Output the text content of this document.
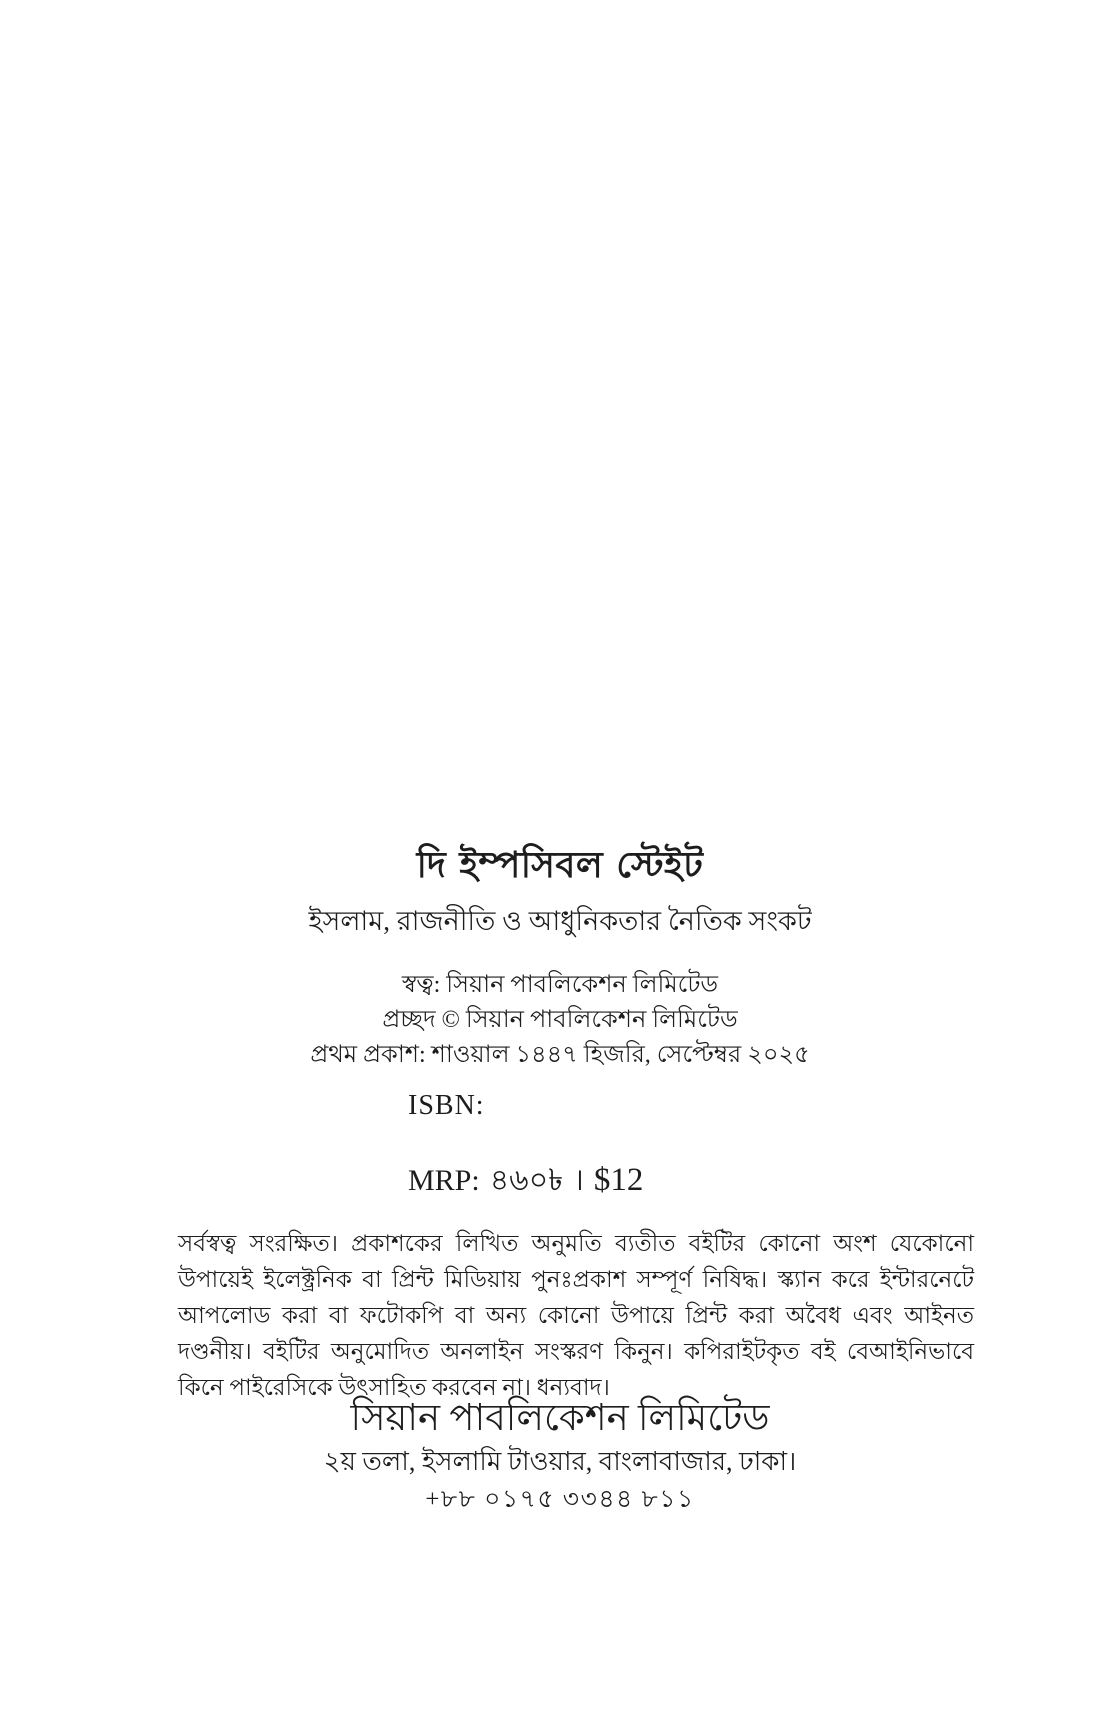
দি ইম্পসিবল স্টেইট
ইসলাম, রাজনীতি ও আধুনিকতার নৈতিক সংকট
স্বত্ব: সিয়ান পাবলিকেশন লিমিটেড
প্রচ্ছদ © সিয়ান পাবলিকেশন লিমিটেড
প্রথম প্রকাশ: শাওয়াল ১৪৪৭ হিজরি, সেপ্টেম্বর ২০২৫
ISBN:
MRP: ৪৬০৳ । $12

সর্বস্বত্ব সংরক্ষিত। প্রকাশকের লিখিত অনুমতি ব্যতীত বইটির কোনো অংশ যেকোনো উপায়েই ইলেক্ট্রনিক বা প্রিন্ট মিডিয়ায় পুনঃপ্রকাশ সম্পূর্ণ নিষিদ্ধ। স্ক্যান করে ইন্টারনেটে আপলোড করা বা ফটোকপি বা অন্য কোনো উপায়ে প্রিন্ট করা অবৈধ এবং আইনত দণ্ডনীয়। বইটির অনুমোদিত অনলাইন সংস্করণ কিনুন। কপিরাইটকৃত বই বেআইনিভাবে কিনে পাইরেসিকে উৎসাহিত করবেন না। ধন্যবাদ।

সিয়ান পাবলিকেশন লিমিটেড
২য় তলা, ইসলামি টাওয়ার, বাংলাবাজার, ঢাকা।
+৮৮ ০১৭৫ ৩৩৪৪ ৮১১
